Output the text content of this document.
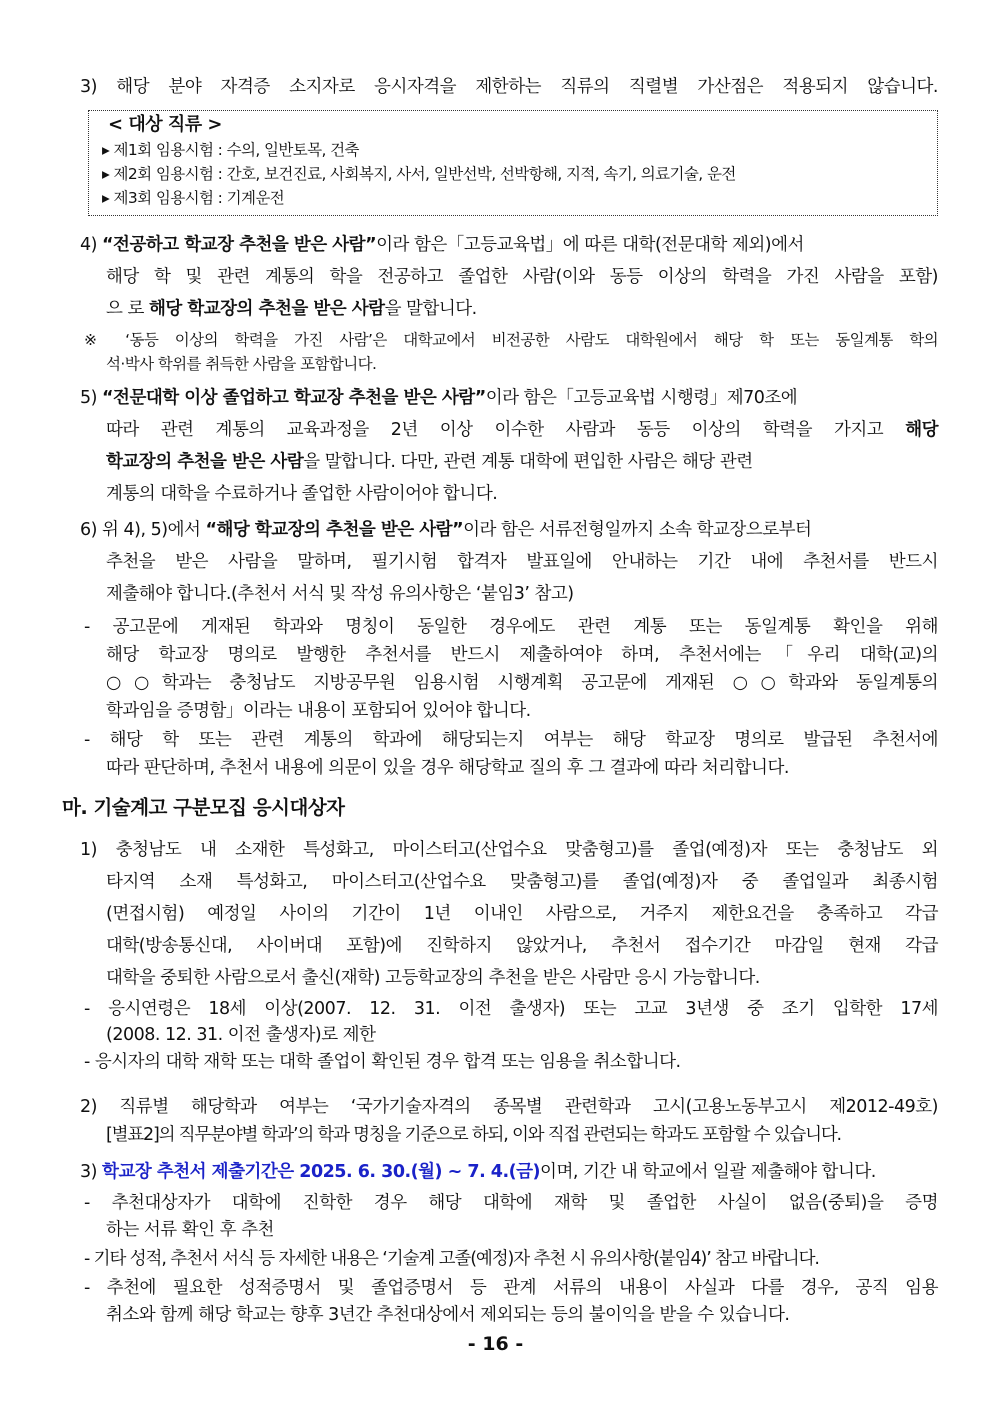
3) 해당 분야 자격증 소지자로 응시자격을 제한하는 직류의 직렬별 가산점은 적용되지 않습니다.
< 대상 직류 >
▸ 제1회 임용시험 : 수의, 일반토목, 건축
▸ 제2회 임용시험 : 간호, 보건진료, 사회복지, 사서, 일반선박, 선박항해, 지적, 속기, 의료기술, 운전
▸ 제3회 임용시험 : 기계운전
4) “전공하고 학교장 추천을 받은 사람”이라 함은「고등교육법」에 따른 대학(전문대학 제외)에서
해당 학 및 관련 계통의 학을 전공하고 졸업한 사람(이와 동등 이상의 학력을 가진 사람을 포함)
으 로 해당 학교장의 추천을 받은 사람을 말합니다.
※ ‘동등 이상의 학력을 가진 사람’은 대학교에서 비전공한 사람도 대학원에서 해당 학 또는 동일계통 학의
석·박사 학위를 취득한 사람을 포함합니다.
5) “전문대학 이상 졸업하고 학교장 추천을 받은 사람”이라 함은「고등교육법 시행령」제70조에
따라 관련 계통의 교육과정을 2년 이상 이수한 사람과 동등 이상의 학력을 가지고 해당
학교장의 추천을 받은 사람을 말합니다. 다만, 관련 계통 대학에 편입한 사람은 해당 관련
계통의 대학을 수료하거나 졸업한 사람이어야 합니다.
6) 위 4), 5)에서 “해당 학교장의 추천을 받은 사람”이라 함은 서류전형일까지 소속 학교장으로부터
추천을 받은 사람을 말하며, 필기시험 합격자 발표일에 안내하는 기간 내에 추천서를 반드시
제출해야 합니다.(추천서 서식 및 작성 유의사항은 ‘붙임3’ 참고)
- 공고문에 게재된 학과와 명칭이 동일한 경우에도 관련 계통 또는 동일계통 확인을 위해
해당 학교장 명의로 발행한 추천서를 반드시 제출하여야 하며, 추천서에는「우리 대학(교)의
○○학과는 충청남도 지방공무원 임용시험 시행계획 공고문에 게재된 ○○학과와 동일계통의
학과임을 증명함」이라는 내용이 포함되어 있어야 합니다.
- 해당 학 또는 관련 계통의 학과에 해당되는지 여부는 해당 학교장 명의로 발급된 추천서에
따라 판단하며, 추천서 내용에 의문이 있을 경우 해당학교 질의 후 그 결과에 따라 처리합니다.
마. 기술계고 구분모집 응시대상자
1) 충청남도 내 소재한 특성화고, 마이스터고(산업수요 맞춤형고)를 졸업(예정)자 또는 충청남도 외
타지역 소재 특성화고, 마이스터고(산업수요 맞춤형고)를 졸업(예정)자 중 졸업일과 최종시험
(면접시험) 예정일 사이의 기간이 1년 이내인 사람으로, 거주지 제한요건을 충족하고 각급
대학(방송통신대, 사이버대 포함)에 진학하지 않았거나, 추천서 접수기간 마감일 현재 각급
대학을 중퇴한 사람으로서 출신(재학) 고등학교장의 추천을 받은 사람만 응시 가능합니다.
- 응시연령은 18세 이상(2007. 12. 31. 이전 출생자) 또는 고교 3년생 중 조기 입학한 17세
(2008. 12. 31. 이전 출생자)로 제한
- 응시자의 대학 재학 또는 대학 졸업이 확인된 경우 합격 또는 임용을 취소합니다.
2) 직류별 해당학과 여부는 ‘국가기술자격의 종목별 관련학과 고시(고용노동부고시 제2012-49호)
[별표2]의 직무분야별 학과’의 학과 명칭을 기준으로 하되, 이와 직접 관련되는 학과도 포함할 수 있습니다.
3) 학교장 추천서 제출기간은 2025. 6. 30.(월) ~ 7. 4.(금)이며, 기간 내 학교에서 일괄 제출해야 합니다.
- 추천대상자가 대학에 진학한 경우 해당 대학에 재학 및 졸업한 사실이 없음(중퇴)을 증명
하는 서류 확인 후 추천
- 기타 성적, 추천서 서식 등 자세한 내용은 ‘기술계 고졸(예정)자 추천 시 유의사항(붙임4)’ 참고 바랍니다.
- 추천에 필요한 성적증명서 및 졸업증명서 등 관계 서류의 내용이 사실과 다를 경우, 공직 임용
취소와 함께 해당 학교는 향후 3년간 추천대상에서 제외되는 등의 불이익을 받을 수 있습니다.
- 16 -
